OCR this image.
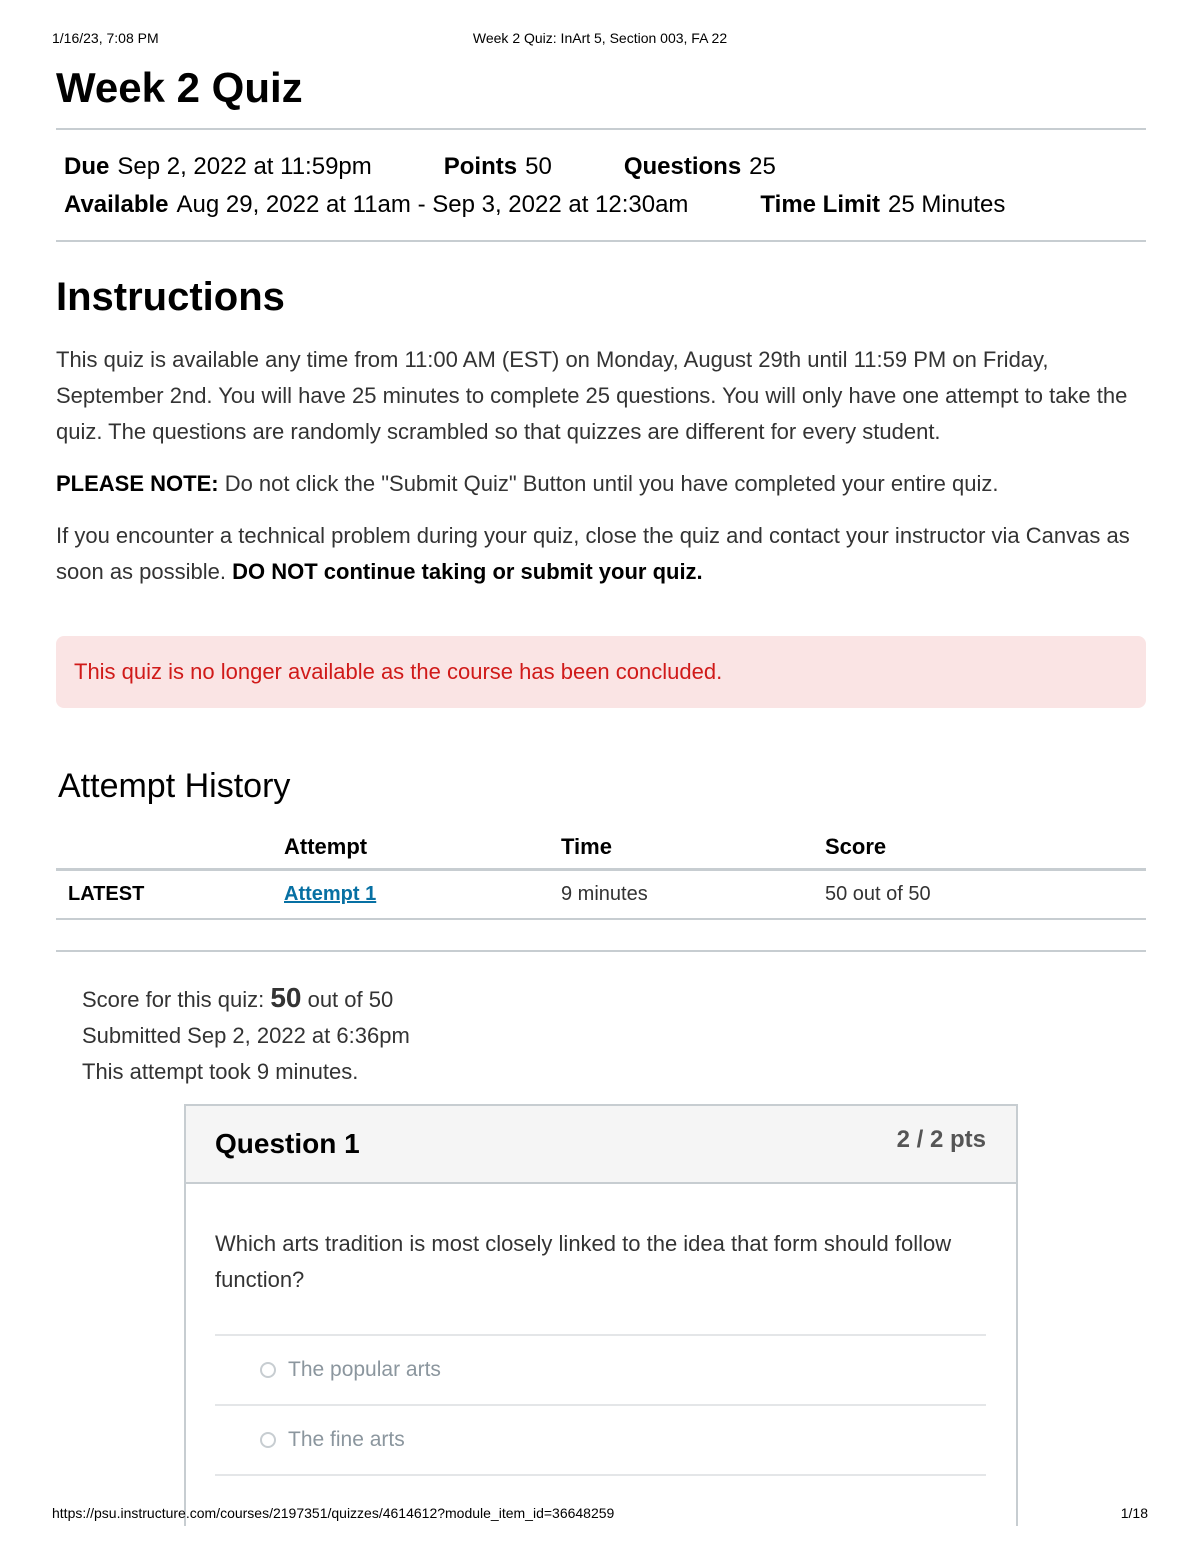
1/16/23, 7:08 PM	Week 2 Quiz: InArt 5, Section 003, FA 22
Week 2 Quiz
Due Sep 2, 2022 at 11:59pm	Points 50	Questions 25
Available Aug 29, 2022 at 11am - Sep 3, 2022 at 12:30am	Time Limit 25 Minutes
Instructions

This quiz is available any time from 11:00 AM (EST) on Monday, August 29th until 11:59 PM on Friday, September 2nd. You will have 25 minutes to complete 25 questions. You will only have one attempt to take the quiz. The questions are randomly scrambled so that quizzes are different for every student.

PLEASE NOTE: Do not click the "Submit Quiz" Button until you have completed your entire quiz.

If you encounter a technical problem during your quiz, close the quiz and contact your instructor via Canvas as soon as possible. DO NOT continue taking or submit your quiz.

This quiz is no longer available as the course has been concluded.
Attempt History
	Attempt	Time	Score
LATEST	Attempt 1	9 minutes	50 out of 50
Score for this quiz: 50 out of 50
Submitted Sep 2, 2022 at 6:36pm
This attempt took 9 minutes.
Question 1	2 / 2 pts

Which arts tradition is most closely linked to the idea that form should follow function?

The popular arts
The fine arts
https://psu.instructure.com/courses/2197351/quizzes/4614612?module_item_id=36648259	1/18
